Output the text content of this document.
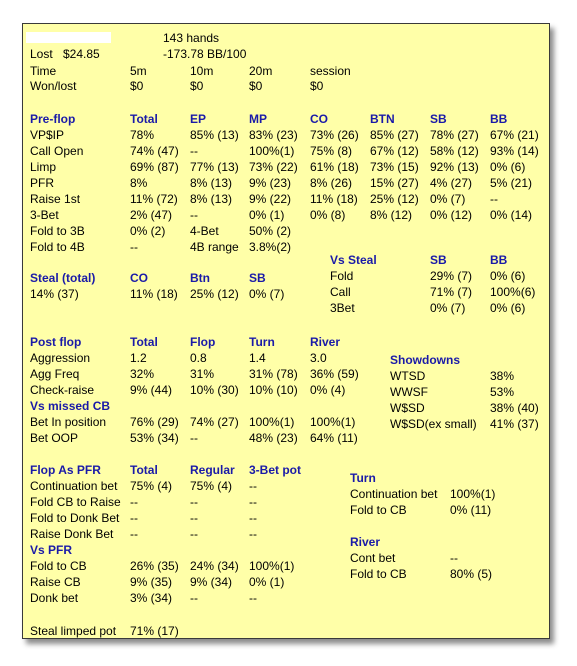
143 hands
Lost $24.85	-173.78 BB/100
Time	5m	10m	20m	session
Won/lost	$0	$0	$0	$0
Pre-flop	Total	EP	MP	CO	BTN	SB	BB
VP$IP	78%	85% (13) 83% (23) 73% (26) 85% (27) 78% (27) 67% (21)
Call Open	74% (47) --	100%(1) 75% (8) 67% (12) 58% (12) 93% (14)
Limp	69% (87) 77% (13) 73% (22) 61% (18) 73% (15) 92% (13) 0% (6)
PFR	8%	8% (13) 9% (23) 8% (26) 15% (27) 4% (27) 5% (21)
Raise 1st	11% (72) 8% (13) 9% (22) 11% (18) 25% (12) 0% (7) --
3-Bet	2% (47) --	0% (1) 0% (8) 8% (12) 0% (12) 0% (14)
Fold to 3B	0% (2) 4-Bet	50% (2)
Fold to 4B	--	4B range 3.8%(2)
Steal (total)	CO	Btn	SB
14% (37)	11% (18) 25% (12) 0% (7)
Vs Steal	SB	BB
Fold	29% (7) 0% (6)
Call	71% (7) 100%(6)
3Bet	0% (7) 0% (6)
Post flop	Total	Flop	Turn	River
Aggression	1.2	0.8	1.4	3.0
Agg Freq	32%	31%	31% (78) 36% (59)
Check-raise	9% (44) 10% (30) 10% (10) 0% (4)
Vs missed CB
Bet In position 76% (29) 74% (27) 100%(1) 100%(1)
Bet OOP	53% (34) --	48% (23) 64% (11)
Showdowns
WTSD	38%
WWSF	53%
W$SD	38% (40)
W$SD(ex small) 41% (37)
Flop As PFR Total	Regular 3-Bet pot
Continuation bet 75% (4) 75% (4) --
Fold CB to Raise --	--	--
Fold to Donk Bet --	--	--
Raise Donk Bet --	--	--
Vs PFR
Fold to CB	26% (35) 24% (34) 100%(1)
Raise CB	9% (35) 9% (34) 0% (1)
Donk bet	3% (34) --	--
Turn
Continuation bet 100%(1)
Fold to CB	0% (11)
River
Cont bet	--
Fold to CB	80% (5)
Steal limped pot 71% (17)
